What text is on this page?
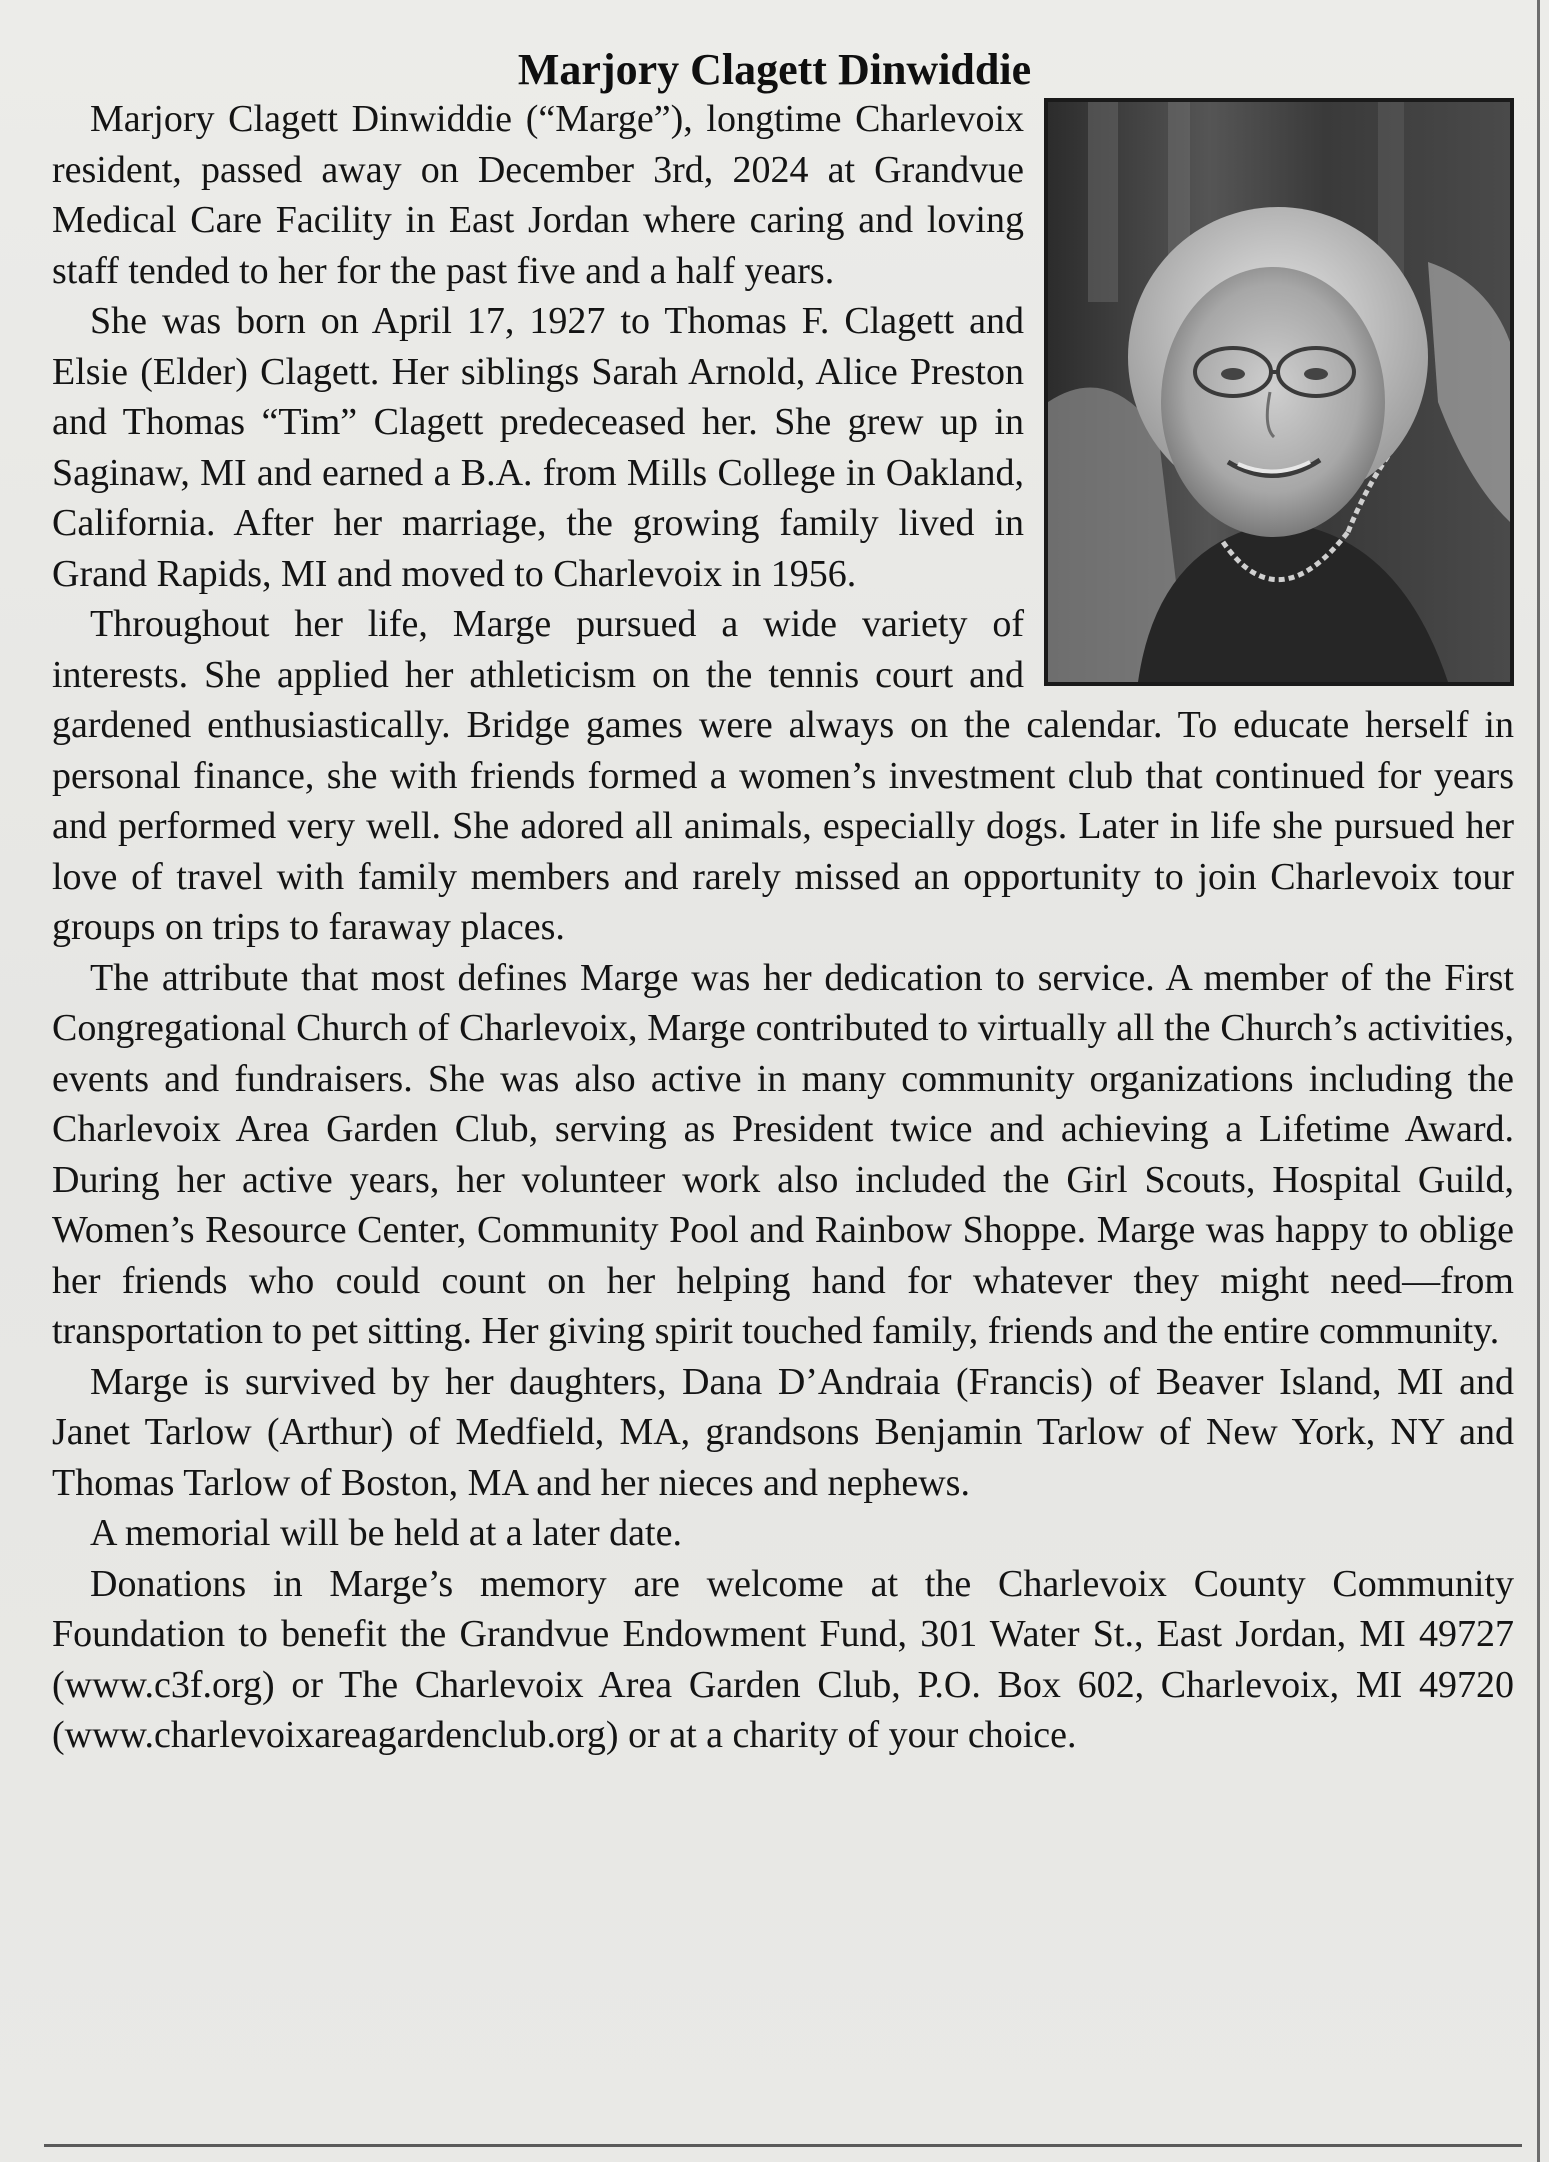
Marjory Clagett Dinwiddie

Marjory Clagett Dinwiddie (“Marge”), longtime Charlevoix resident, passed away on December 3rd, 2024 at Grandvue Medical Care Facility in East Jordan where caring and loving staff tended to her for the past five and a half years.

She was born on April 17, 1927 to Thomas F. Clagett and Elsie (Elder) Clagett. Her siblings Sarah Arnold, Alice Preston and Thomas “Tim” Clagett predeceased her. She grew up in Saginaw, MI and earned a B.A. from Mills College in Oakland, California. After her marriage, the growing family lived in Grand Rapids, MI and moved to Charlevoix in 1956.

Throughout her life, Marge pursued a wide variety of interests. She applied her athleticism on the tennis court and gardened enthusiastically. Bridge games were always on the calendar. To educate herself in personal finance, she with friends formed a women’s investment club that continued for years and performed very well. She adored all animals, especially dogs. Later in life she pursued her love of travel with family members and rarely missed an opportunity to join Charlevoix tour groups on trips to faraway places.

The attribute that most defines Marge was her dedication to service. A member of the First Congregational Church of Charlevoix, Marge contributed to virtually all the Church’s activities, events and fundraisers. She was also active in many community organizations including the Charlevoix Area Garden Club, serving as President twice and achieving a Lifetime Award. During her active years, her volunteer work also included the Girl Scouts, Hospital Guild, Women’s Resource Center, Community Pool and Rainbow Shoppe. Marge was happy to oblige her friends who could count on her helping hand for whatever they might need—from transportation to pet sitting. Her giving spirit touched family, friends and the entire community.

Marge is survived by her daughters, Dana D’Andraia (Francis) of Beaver Island, MI and Janet Tarlow (Arthur) of Medfield, MA, grandsons Benjamin Tarlow of New York, NY and Thomas Tarlow of Boston, MA and her nieces and nephews.

A memorial will be held at a later date.

Donations in Marge’s memory are welcome at the Charlevoix County Community Foundation to benefit the Grandvue Endowment Fund, 301 Water St., East Jordan, MI 49727 (www.c3f.org) or The Charlevoix Area Garden Club, P.O. Box 602, Charlevoix, MI 49720 (www.charlevoixareagardenclub.org) or at a charity of your choice.
